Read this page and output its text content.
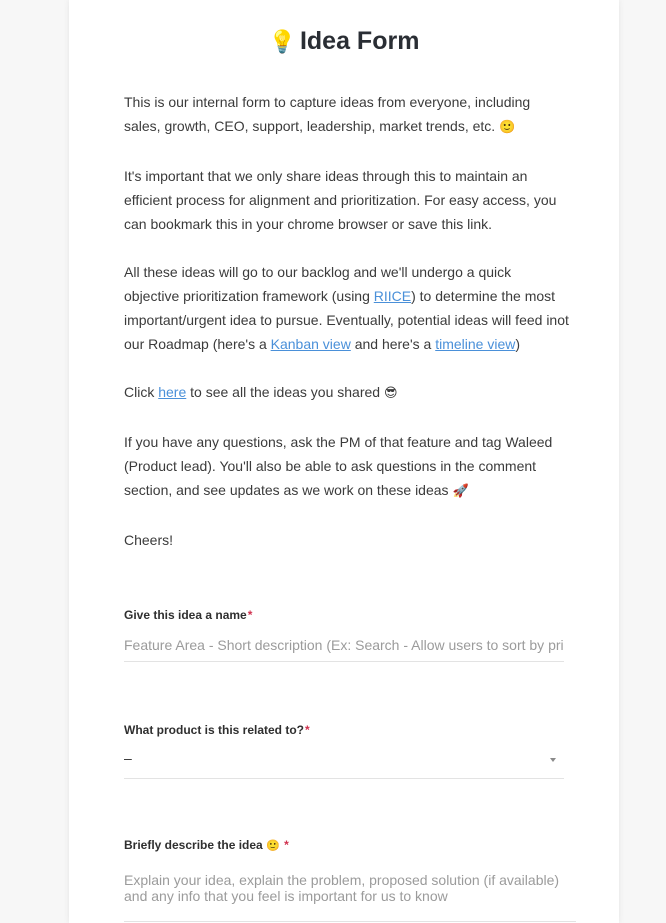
💡 Idea Form

This is our internal form to capture ideas from everyone, including sales, growth, CEO, support, leadership, market trends, etc. 🙂

It's important that we only share ideas through this to maintain an efficient process for alignment and prioritization. For easy access, you can bookmark this in your chrome browser or save this link.

All these ideas will go to our backlog and we'll undergo a quick objective prioritization framework (using RIICE) to determine the most important/urgent idea to pursue. Eventually, potential ideas will feed inot our Roadmap (here's a Kanban view and here's a timeline view)

Click here to see all the ideas you shared 😎

If you have any questions, ask the PM of that feature and tag Waleed (Product lead). You'll also be able to ask questions in the comment section, and see updates as we work on these ideas 🚀

Cheers!

Give this idea a name*
Feature Area - Short description (Ex: Search - Allow users to sort by price)
What product is this related to?*
–
Briefly describe the idea 🙂 *
Explain your idea, explain the problem, proposed solution (if available) and any info that you feel is important for us to know
